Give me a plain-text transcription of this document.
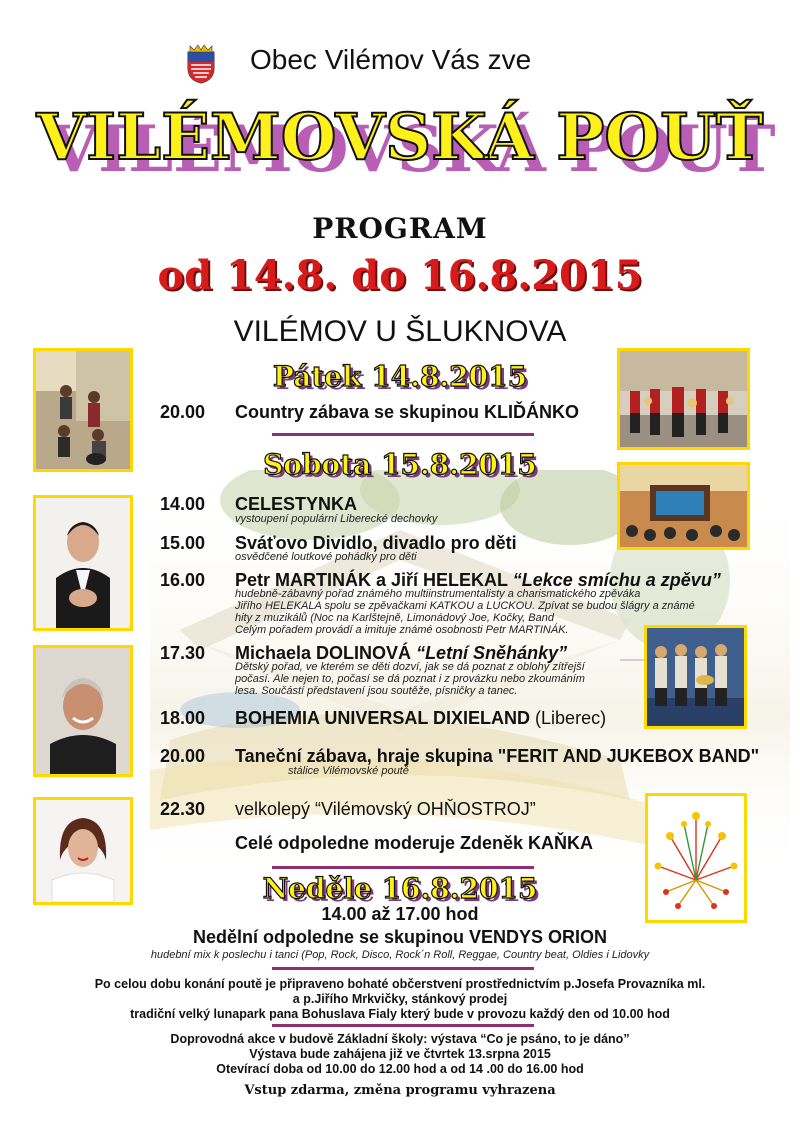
Obec Vilémov Vás zve
VILÉMOVSKÁ POUŤ
PROGRAM
od 14.8. do 16.8.2015
VILÉMOV U ŠLUKNOVA
Pátek 14.8.2015
Sobota 15.8.2015
Neděle 16.8.2015
20.00 Country zábava se skupinou KLIĎÁNKO
14.00 CELESTYNKA
vystoupení populární Liberecké dechovky
15.00 Sváťovo Dividlo, divadlo pro děti
osvědčené loutkové pohádky pro děti
16.00 Petr MARTINÁK a Jiří HELEKAL “Lekce smíchu a zpěvu”
hudebně-zábavný pořad známého multiinstrumentalisty a charismatického zpěváka
Jiřího HELEKALA spolu se zpěvačkami KATKOU a LUCKOU. Zpívat se budou šlágry a známé
hity z muzikálů (Noc na Karlštejně, Limonádový Joe, Kočky, Band
Celým pořadem provádí a imituje známé osobnosti Petr MARTINÁK.
17.30 Michaela DOLINOVÁ “Letní Sněhánky”
Dětský pořad, ve kterém se děti dozví, jak se dá poznat z oblohy zítřejší
počasí. Ale nejen to, počasí se dá poznat i z provázku nebo zkoumáním
lesa. Součástí představení jsou soutěže, písničky a tanec.
18.00 BOHEMIA UNIVERSAL DIXIELAND (Liberec)
20.00 Taneční zábava, hraje skupina "FERIT AND JUKEBOX BAND"
stálice Vilémovské poutě
22.30 velkolepý “Vilémovský OHŇOSTROJ”
Celé odpoledne moderuje Zdeněk KAŇKA
14.00 až 17.00 hod
Nedělní odpoledne se skupinou VENDYS ORION
hudební mix k poslechu i tanci (Pop, Rock, Disco, Rock´n Roll, Reggae, Country beat, Oldies i Lidovky
Po celou dobu konání poutě je připraveno bohaté občerstvení prostřednictvím p.Josefa Provazníka ml.
a p.Jiřího Mrkvičky, stánkový prodej
tradiční velký lunapark pana Bohuslava Fialy který bude v provozu každý den od 10.00 hod
Doprovodná akce v budově Základní školy: výstava “Co je psáno, to je dáno”
Výstava bude zahájena již ve čtvrtek 13.srpna 2015
Otevírací doba od 10.00 do 12.00 hod a od 14 .00 do 16.00 hod
Vstup zdarma, změna programu vyhrazena
